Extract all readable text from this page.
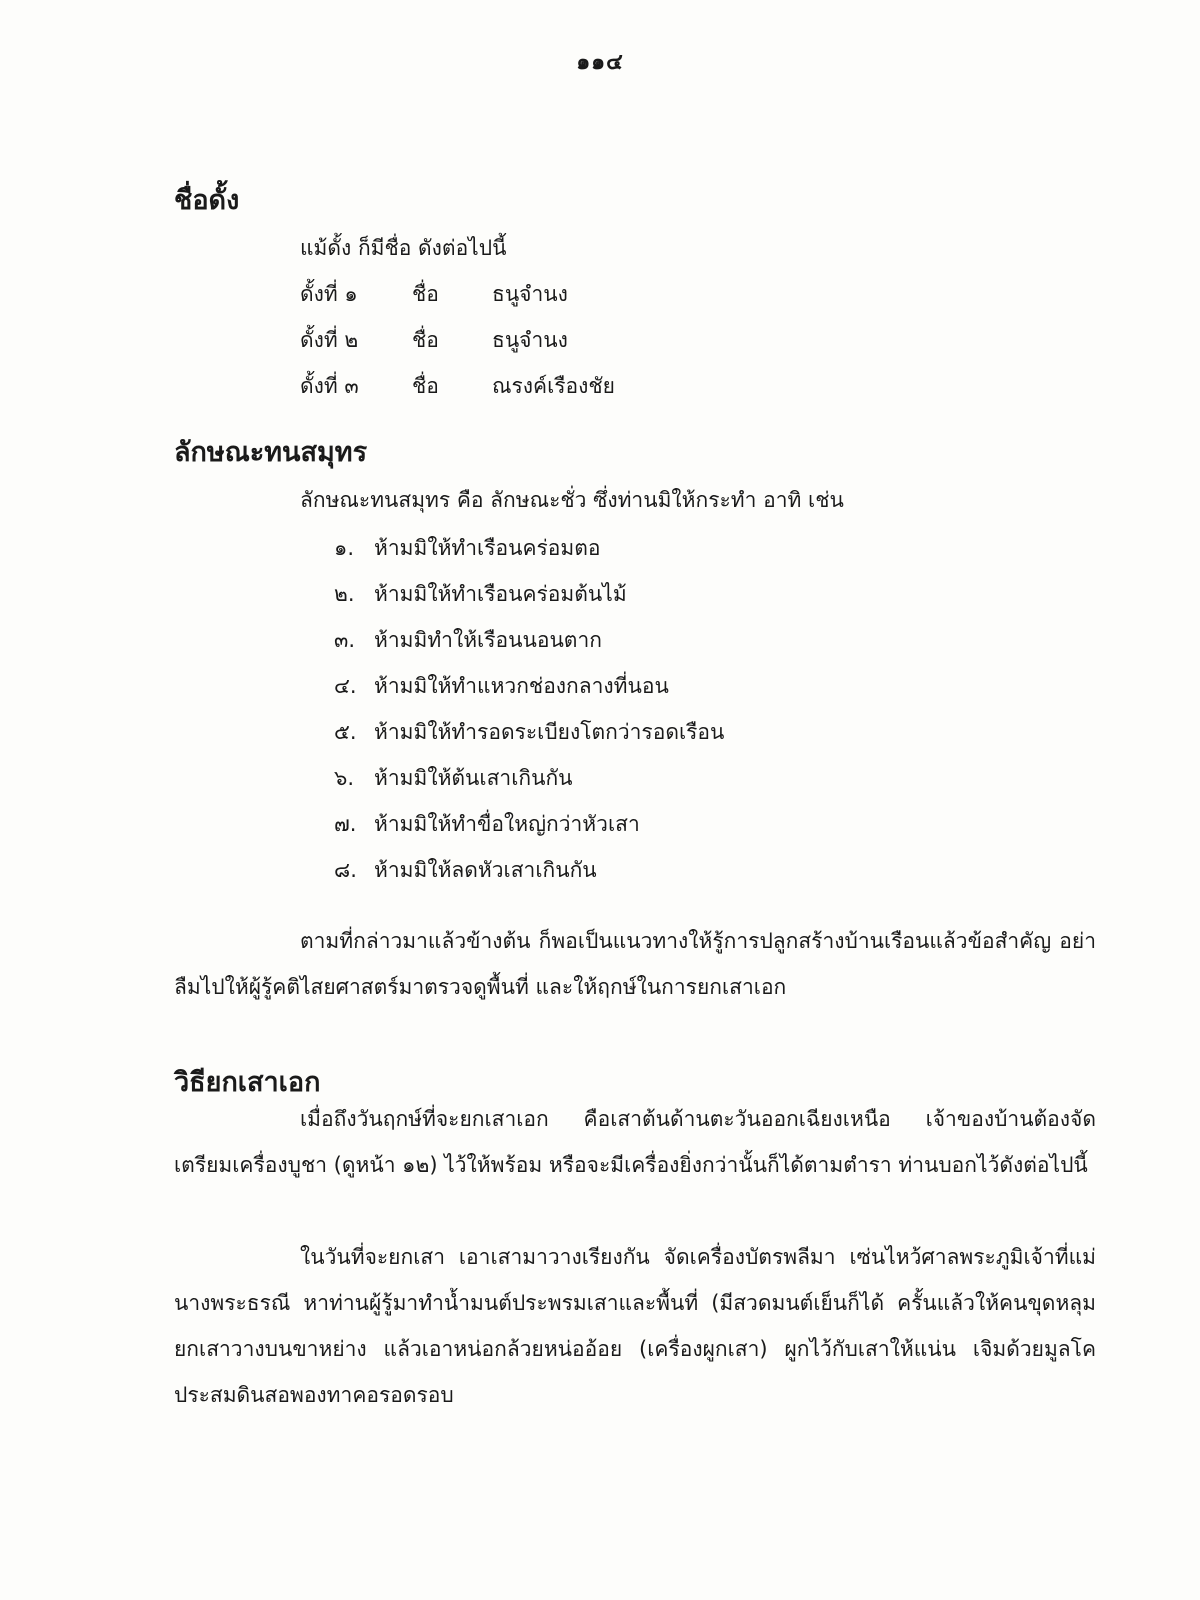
๑๑๔
ชื่อดั้ง
แม้ดั้ง ก็มีชื่อ ดังต่อไปนี้
ดั้งที่ ๑	ชื่อ	ธนูจำนง
ดั้งที่ ๒	ชื่อ	ธนูจำนง
ดั้งที่ ๓	ชื่อ	ณรงค์เรืองชัย
ลักษณะทนสมุทร
ลักษณะทนสมุทร คือ ลักษณะชั่ว ซึ่งท่านมิให้กระทำ อาทิ เช่น
๑. ห้ามมิให้ทำเรือนคร่อมตอ
๒. ห้ามมิให้ทำเรือนคร่อมต้นไม้
๓. ห้ามมิทำให้เรือนนอนตาก
๔. ห้ามมิให้ทำแหวกช่องกลางที่นอน
๕. ห้ามมิให้ทำรอดระเบียงโตกว่ารอดเรือน
๖. ห้ามมิให้ต้นเสาเกินกัน
๗. ห้ามมิให้ทำขื่อใหญ่กว่าหัวเสา
๘. ห้ามมิให้ลดหัวเสาเกินกัน
ตามที่กล่าวมาแล้วข้างต้น ก็พอเป็นแนวทางให้รู้การปลูกสร้างบ้านเรือนแล้วข้อสำคัญ อย่าลืมไปให้ผู้รู้คติไสยศาสตร์มาตรวจดูพื้นที่ และให้ฤกษ์ในการยกเสาเอก
วิธียกเสาเอก
เมื่อถึงวันฤกษ์ที่จะยกเสาเอก คือเสาต้นด้านตะวันออกเฉียงเหนือ เจ้าของบ้านต้องจัดเตรียมเครื่องบูชา (ดูหน้า ๑๒) ไว้ให้พร้อม หรือจะมีเครื่องยิ่งกว่านั้นก็ได้ตามตำรา ท่านบอกไว้ดังต่อไปนี้
ในวันที่จะยกเสา เอาเสามาวางเรียงกัน จัดเครื่องบัตรพลีมา เซ่นไหว้ศาลพระภูมิเจ้าที่แม่นางพระธรณี หาท่านผู้รู้มาทำน้ำมนต์ประพรมเสาและพื้นที่ (มีสวดมนต์เย็นก็ได้ ครั้นแล้วให้คนขุดหลุม ยกเสาวางบนขาหย่าง แล้วเอาหน่อกล้วยหน่ออ้อย (เครื่องผูกเสา) ผูกไว้กับเสาให้แน่น เจิมด้วยมูลโคประสมดินสอพองทาคอรอดรอบ
